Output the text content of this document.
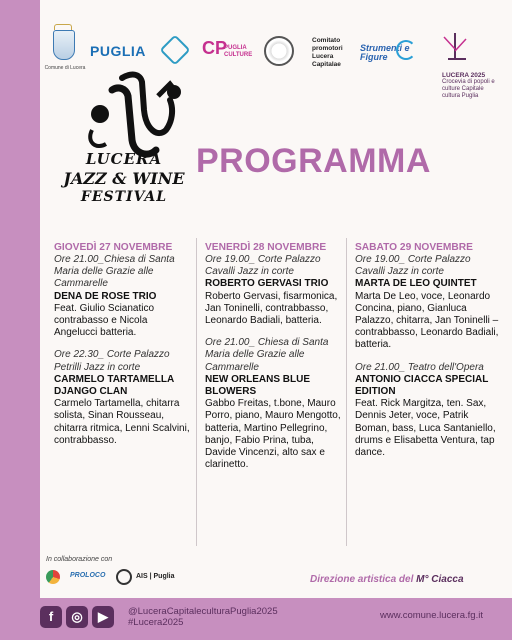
Comune di Lucera
PUGLIA	CP
PUGLIA CULTURE
Comitato promotori Lucera Capitalae
Strumenti e Figure
LUCERA 2025
Crocevia di popoli e culture Capitale cultura Puglia
LUCERA
JAZZ & WINE
FESTIVAL
PROGRAMMA
GIOVEDÌ 27 NOVEMBRE
Ore 21.00_Chiesa di Santa Maria delle Grazie alle Cammarelle
DENA DE ROSE TRIO
Feat. Giulio Scianatico contrabasso e Nicola Angelucci batteria.
Ore 22.30_ Corte Palazzo Petrilli Jazz in corte
CARMELO TARTAMELLA DJANGO CLAN
Carmelo Tartamella, chitarra solista, Sinan Rousseau, chitarra ritmica, Lenni Scalvini, contrabbasso.
VENERDÌ 28 NOVEMBRE
Ore 19.00_ Corte Palazzo Cavalli Jazz in corte
ROBERTO GERVASI TRIO
Roberto Gervasi, fisarmonica, Jan Toninelli, contrabbasso, Leonardo Badiali, batteria.
Ore 21.00_ Chiesa di Santa Maria delle Grazie alle Cammarelle
NEW ORLEANS BLUE BLOWERS
Gabbo Freitas, t.bone, Mauro Porro, piano, Mauro Mengotto, batteria, Martino Pellegrino, banjo, Fabio Prina, tuba, Davide Vincenzi, alto sax e clarinetto.
SABATO 29 NOVEMBRE
Ore 19.00_ Corte Palazzo Cavalli Jazz in corte
MARTA DE LEO QUINTET
Marta De Leo, voce, Leonardo Concina, piano, Gianluca Palazzo, chitarra, Jan Toninelli – contrabbasso, Leonardo Badiali, batteria.
Ore 21.00_ Teatro dell'Opera
ANTONIO CIACCA SPECIAL EDITION
Feat. Rick Margitza, ten. Sax, Dennis Jeter, voce, Patrik Boman, bass, Luca Santaniello, drums e Elisabetta Ventura, tap dance.
In collaborazione con
PROLOCO	AIS | Puglia	Direzione artistica del M° Ciacca
f	◎	▶	@LuceraCapitaleculturaPuglia2025
#Lucera2025
www.comune.lucera.fg.it
